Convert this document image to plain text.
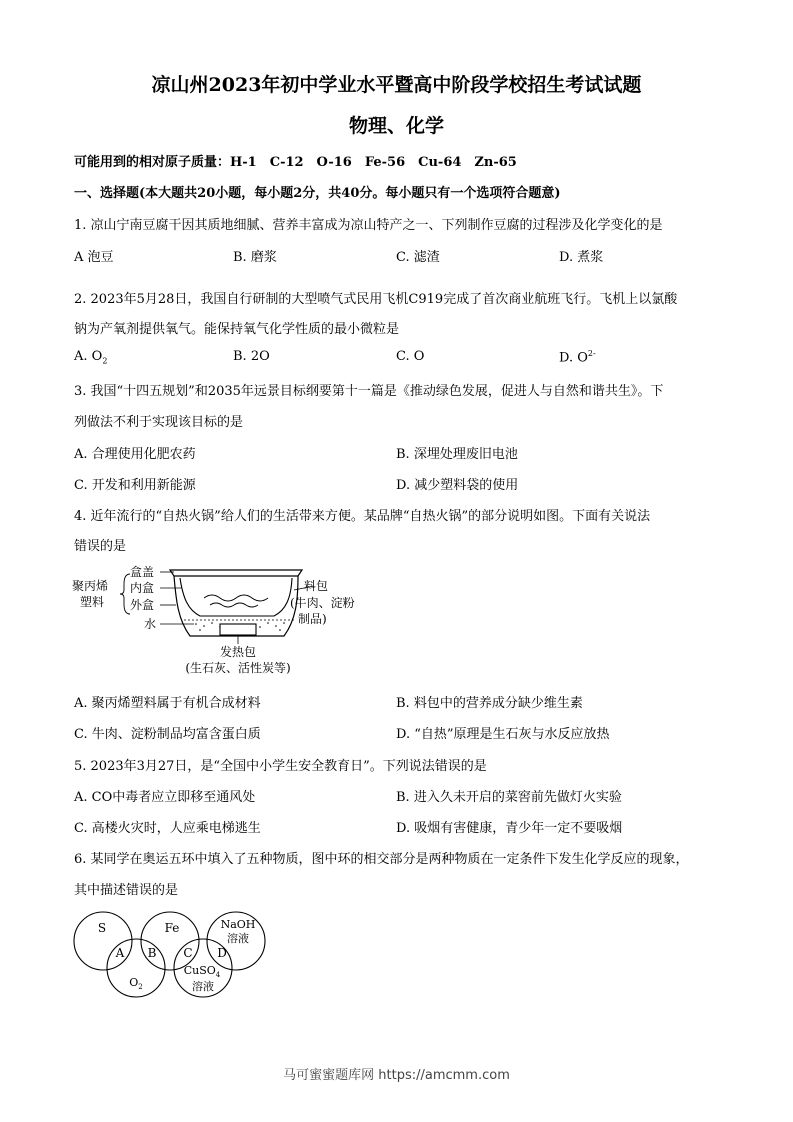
凉山州2023年初中学业水平暨高中阶段学校招生考试试题
物理、化学
可能用到的相对原子质量：H-1　C-12　O-16　Fe-56　Cu-64　Zn-65
一、选择题(本大题共20小题，每小题2分，共40分。每小题只有一个选项符合题意)
1. 凉山宁南豆腐干因其质地细腻、营养丰富成为凉山特产之一、下列制作豆腐的过程涉及化学变化的是
A 泡豆	B. 磨浆	C. 滤渣	D. 煮浆
2. 2023年5月28日，我国自行研制的大型喷气式民用飞机C919完成了首次商业航班飞行。飞机上以氯酸
钠为产氧剂提供氧气。能保持氧气化学性质的最小微粒是
A. $O_2$	B. 2O	C. O	D. $O^{2-}$
3. 我国“十四五规划”和2035年远景目标纲要第十一篇是《推动绿色发展，促进人与自然和谐共生》。下
列做法不利于实现该目标的是
A. 合理使用化肥农药	B. 深埋处理废旧电池
C. 开发和利用新能源	D. 减少塑料袋的使用
4. 近年流行的“自热火锅”给人们的生活带来方便。某品牌“自热火锅”的部分说明如图。下面有关说法
错误的是
聚丙烯
塑料
盒盖
内盒
外盒
水
料包
(牛肉、淀粉
制品)
发热包
(生石灰、活性炭等)
A. 聚丙烯塑料属于有机合成材料	B. 料包中的营养成分缺少维生素
C. 牛肉、淀粉制品均富含蛋白质	D. “自热”原理是生石灰与水反应放热
5. 2023年3月27日，是“全国中小学生安全教育日”。下列说法错误的是
A. CO中毒者应立即移至通风处	B. 进入久未开启的菜窖前先做灯火实验
C. 高楼火灾时，人应乘电梯逃生	D. 吸烟有害健康，青少年一定不要吸烟
6. 某同学在奥运五环中填入了五种物质，图中环的相交部分是两种物质在一定条件下发生化学反应的现象，
其中描述错误的是
S	Fe	NaOH
溶液
$O_2$
CuSO$_4$
溶液
A B C D
马可蜜蜜题库网 https://amcmm.com
